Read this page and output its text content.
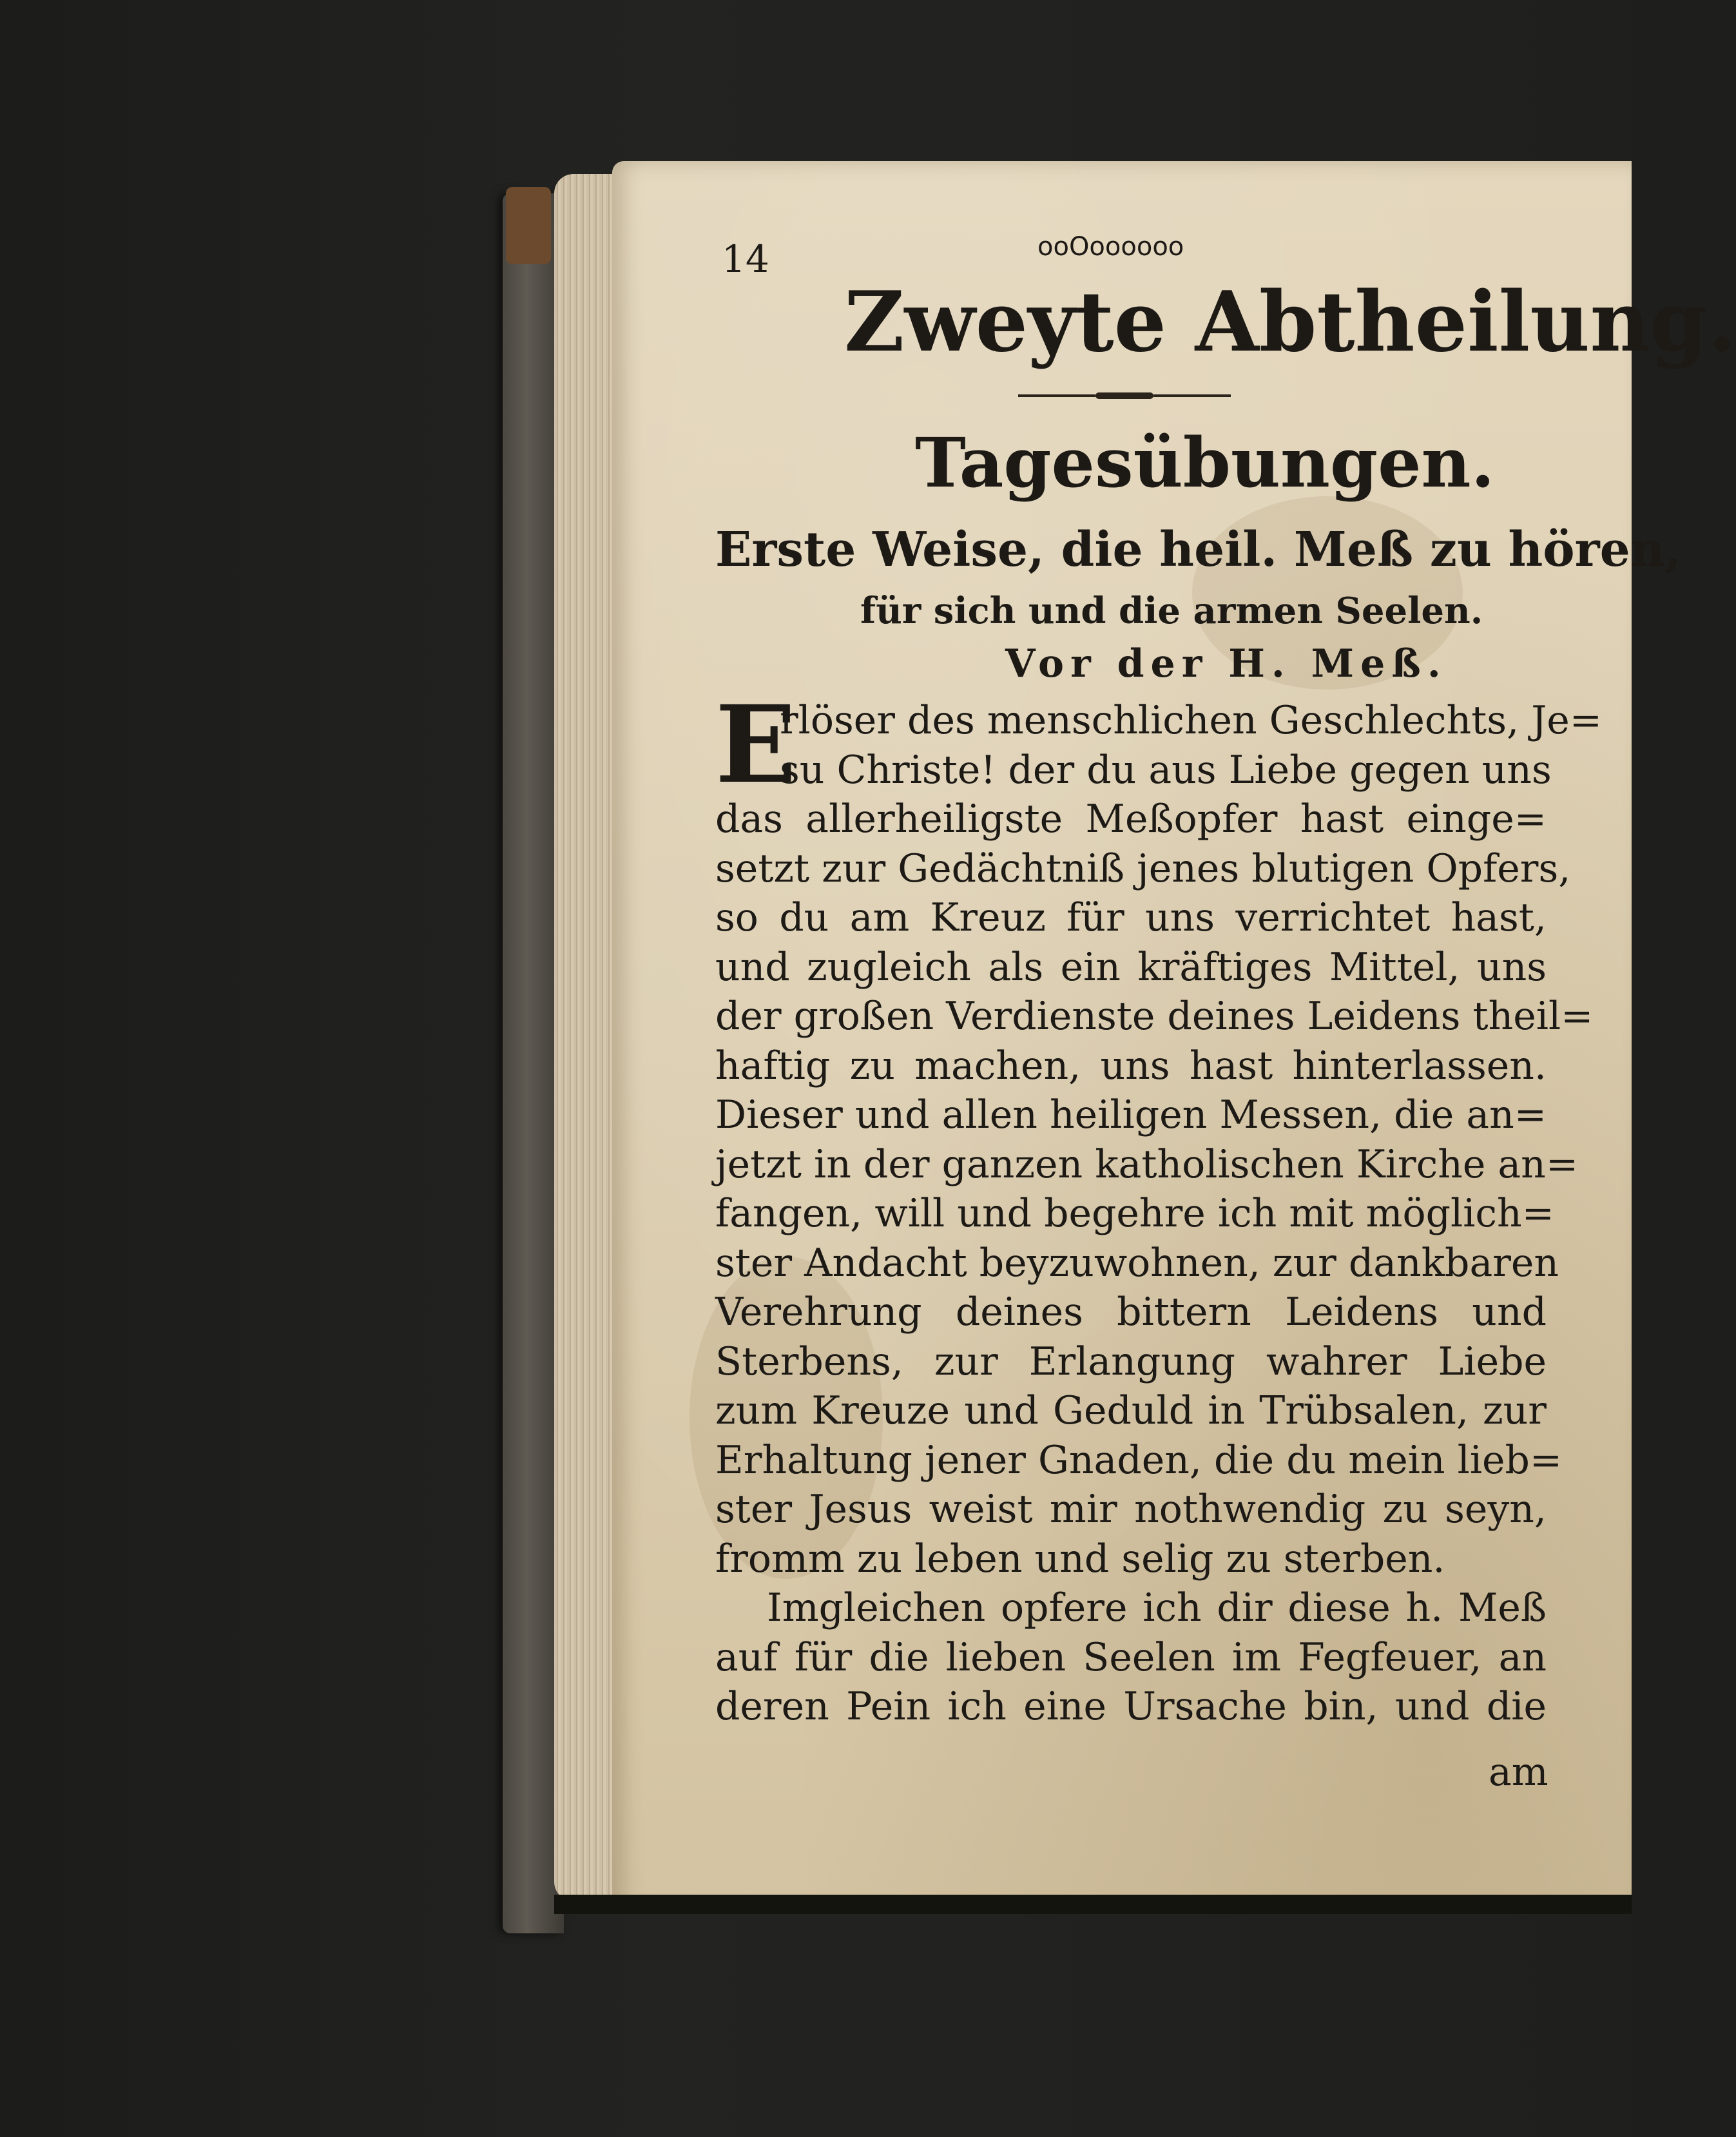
14	ooOoooooo
Zweyte Abtheilung.
Tagesübungen.
Erste Weise, die heil. Meß zu hören,
für sich und die armen Seelen.
Vor der H. Meß.
E
rlöser des menschlichen Geschlechts, Je=
su Christe! der du aus Liebe gegen uns
das allerheiligste Meßopfer hast einge=
setzt zur Gedächtniß jenes blutigen Opfers,
so du am Kreuz für uns verrichtet hast,
und zugleich als ein kräftiges Mittel, uns
der großen Verdienste deines Leidens theil=
haftig zu machen, uns hast hinterlassen.
Dieser und allen heiligen Messen, die an=
jetzt in der ganzen katholischen Kirche an=
fangen, will und begehre ich mit möglich=
ster Andacht beyzuwohnen, zur dankbaren
Verehrung deines bittern Leidens und
Sterbens, zur Erlangung wahrer Liebe
zum Kreuze und Geduld in Trübsalen, zur
Erhaltung jener Gnaden, die du mein lieb=
ster Jesus weist mir nothwendig zu seyn,
fromm zu leben und selig zu sterben.
Imgleichen opfere ich dir diese h. Meß
auf für die lieben Seelen im Fegfeuer, an
deren Pein ich eine Ursache bin, und die
am
